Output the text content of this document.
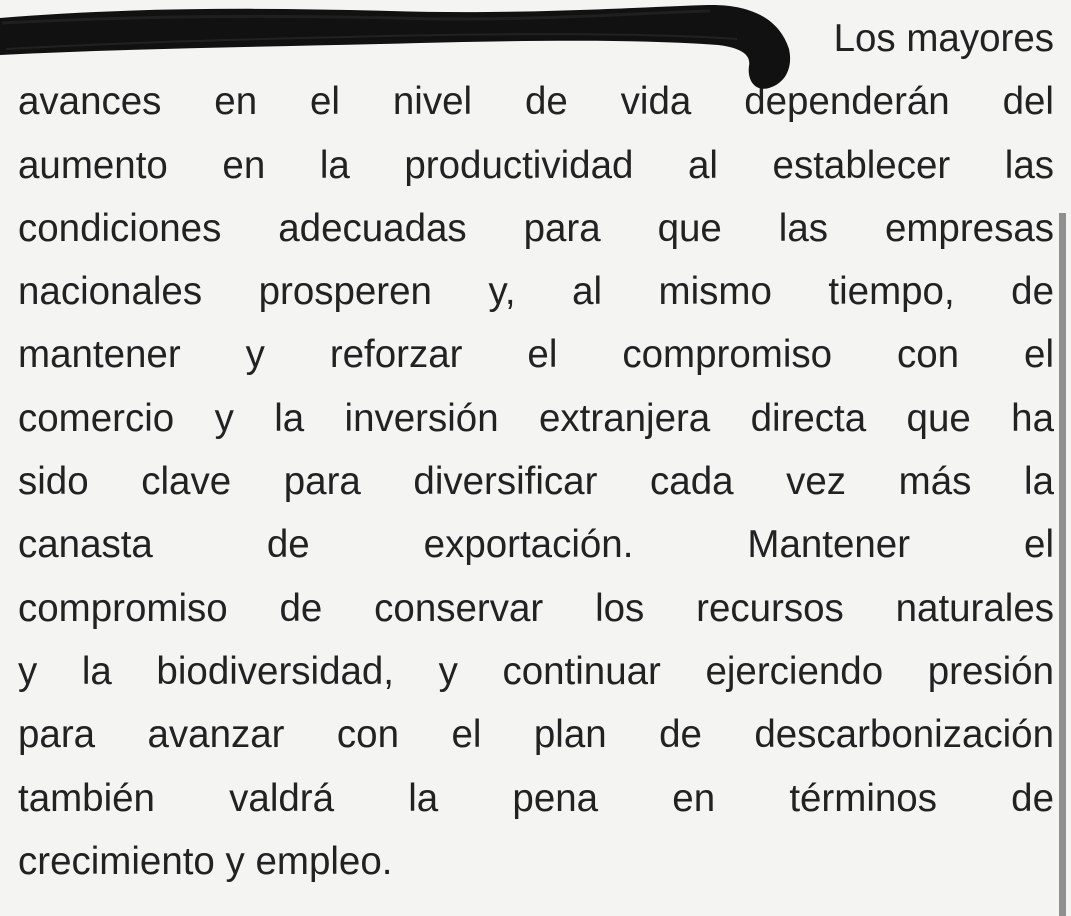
Los mayores
avances en el nivel de vida dependerán del
aumento en la productividad al establecer las
condiciones adecuadas para que las empresas
nacionales prosperen y, al mismo tiempo, de
mantener y reforzar el compromiso con el
comercio y la inversión extranjera directa que ha
sido clave para diversificar cada vez más la
canasta de exportación. Mantener el
compromiso de conservar los recursos naturales
y la biodiversidad, y continuar ejerciendo presión
para avanzar con el plan de descarbonización
también valdrá la pena en términos de
crecimiento y empleo.
